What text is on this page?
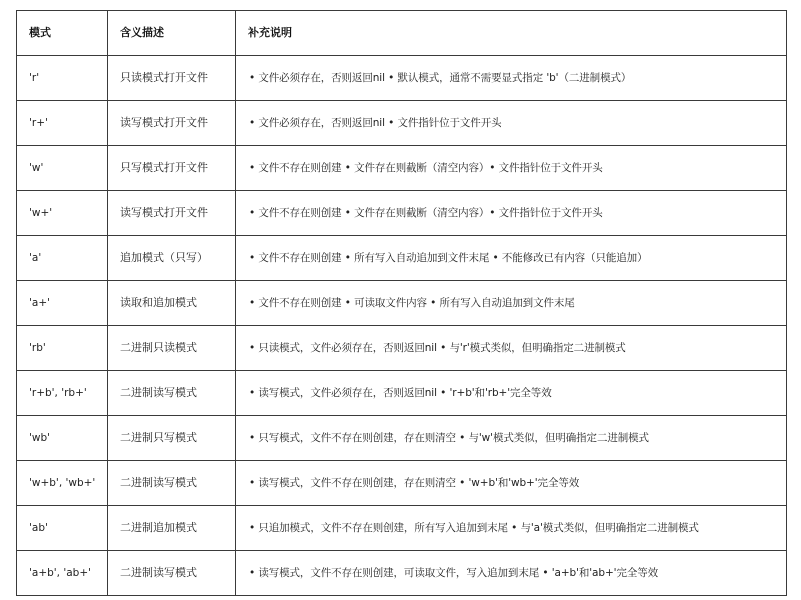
模式	含义描述	补充说明
'r'	只读模式打开文件	• 文件必须存在，否则返回nil • 默认模式，通常不需要显式指定 'b'（二进制模式）
'r+'	读写模式打开文件	• 文件必须存在，否则返回nil • 文件指针位于文件开头
'w'	只写模式打开文件	• 文件不存在则创建 • 文件存在则截断（清空内容）• 文件指针位于文件开头
'w+'	读写模式打开文件	• 文件不存在则创建 • 文件存在则截断（清空内容）• 文件指针位于文件开头
'a'	追加模式（只写）	• 文件不存在则创建 • 所有写入自动追加到文件末尾 • 不能修改已有内容（只能追加）
'a+'	读取和追加模式	• 文件不存在则创建 • 可读取文件内容 • 所有写入自动追加到文件末尾
'rb'	二进制只读模式	• 只读模式，文件必须存在，否则返回nil • 与'r'模式类似，但明确指定二进制模式
'r+b', 'rb+'	二进制读写模式	• 读写模式，文件必须存在，否则返回nil • 'r+b'和'rb+'完全等效
'wb'	二进制只写模式	• 只写模式，文件不存在则创建，存在则清空 • 与'w'模式类似，但明确指定二进制模式
'w+b', 'wb+'	二进制读写模式	• 读写模式，文件不存在则创建，存在则清空 • 'w+b'和'wb+'完全等效
'ab'	二进制追加模式	• 只追加模式，文件不存在则创建，所有写入追加到末尾 • 与'a'模式类似，但明确指定二进制模式
'a+b', 'ab+'	二进制读写模式	• 读写模式，文件不存在则创建，可读取文件，写入追加到末尾 • 'a+b'和'ab+'完全等效
